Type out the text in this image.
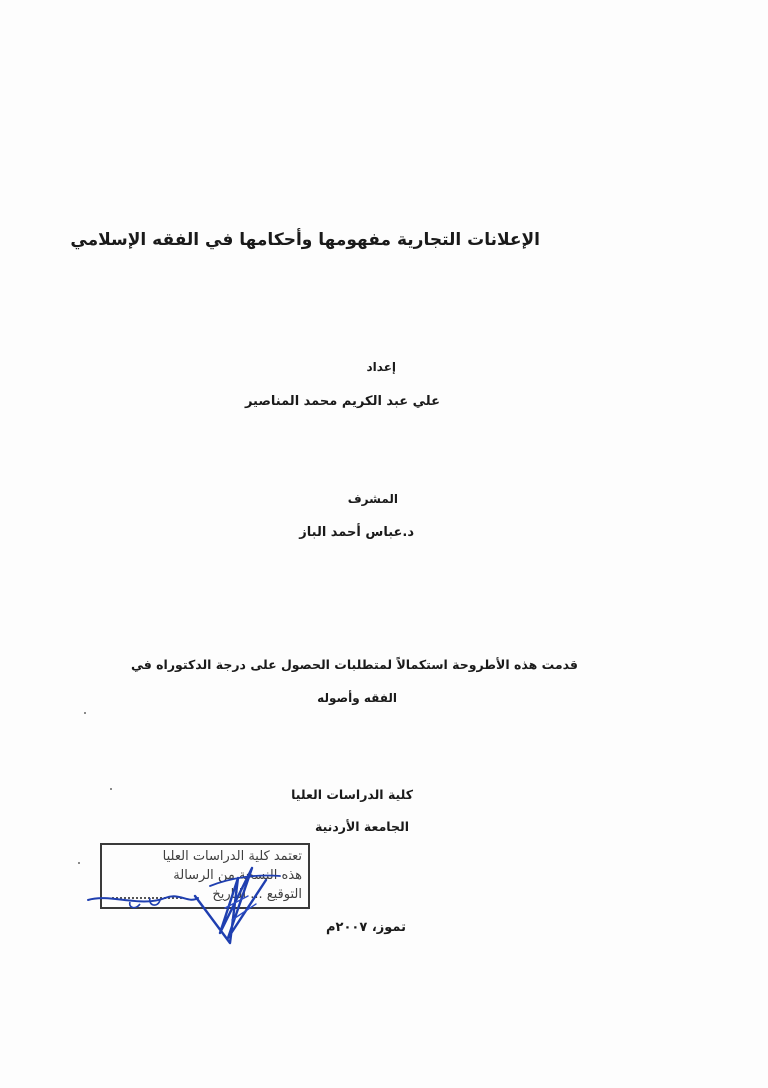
الإعلانات التجارية مفهومها وأحكامها في الفقه الإسلامي
إعداد
علي عبد الكريم محمد المناصير
المشرف
د.عباس أحمد الباز
قدمت هذه الأطروحة استكمالاً لمتطلبات الحصول على درجة الدكتوراه في
الفقه وأصوله
كلية الدراسات العليا
الجامعة الأردنية
تموز، ٢٠٠٧م
تعتمد كلية الدراسات العليا
هذه النسخة من الرسالة
التوقيع ... التاريخ
